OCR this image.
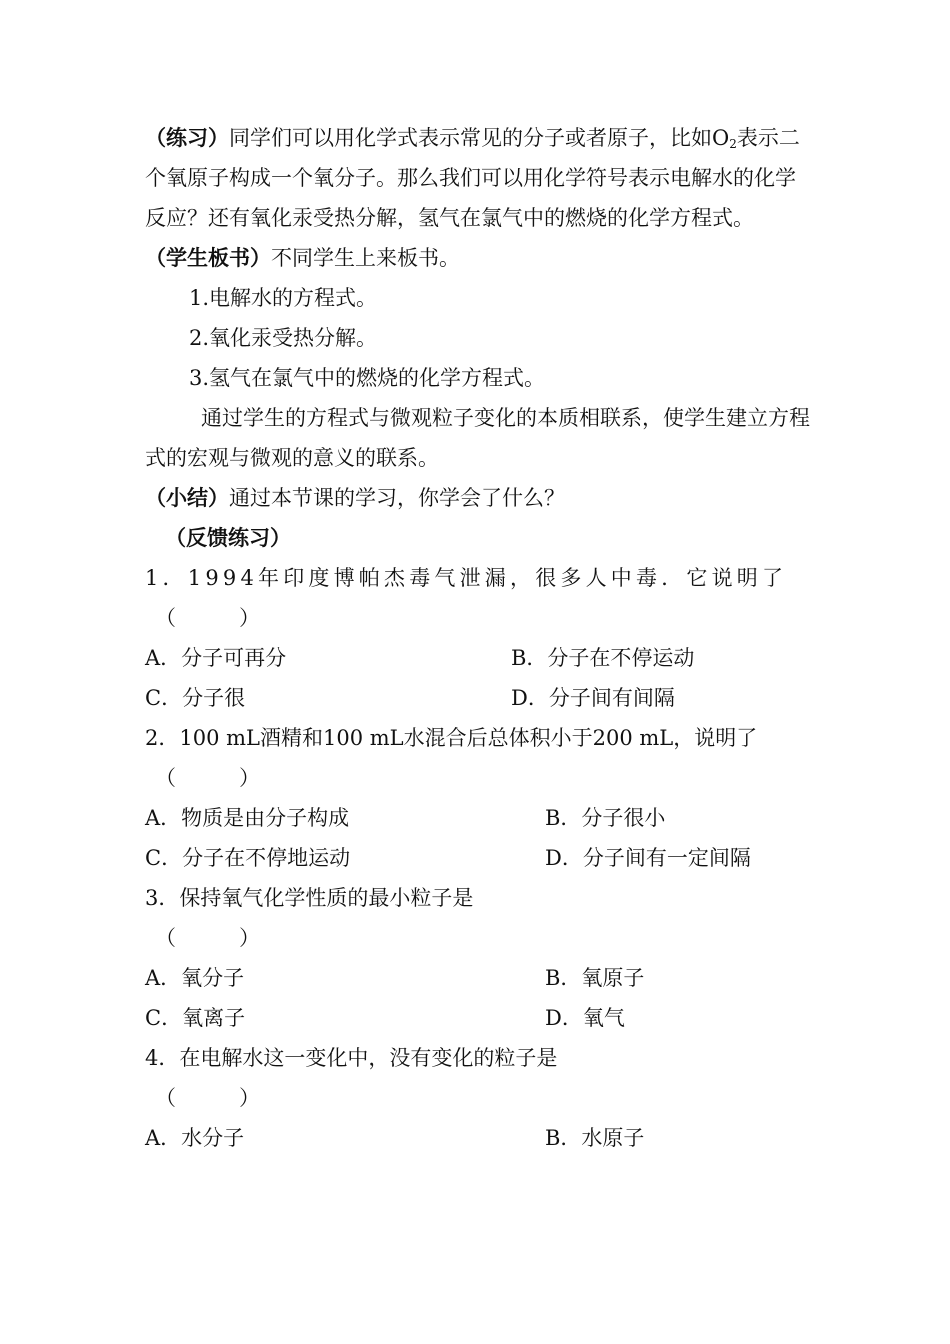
（练习）同学们可以用化学式表示常见的分子或者原子，比如$O_2$表示二个氧原子构成一个氧分子。那么我们可以用化学符号表示电解水的化学反应？还有氧化汞受热分解，氢气在氯气中的燃烧的化学方程式。

（学生板书）不同学生上来板书。

1.电解水的方程式。

2.氧化汞受热分解。

3.氢气在氯气中的燃烧的化学方程式。

通过学生的方程式与微观粒子变化的本质相联系，使学生建立方程式的宏观与微观的意义的联系。

（小结）通过本节课的学习，你学会了什么？

（反馈练习）

1．1994年印度博帕杰毒气泄漏，很多人中毒．它说明了

（　　　）

A．分子可再分	B．分子在不停运动
C．分子很	D．分子间有间隔

2．100 mL酒精和100 mL水混合后总体积小于200 mL，说明了

（　　　）

A．物质是由分子构成	B．分子很小
C．分子在不停地运动	D．分子间有一定间隔

3．保持氧气化学性质的最小粒子是

（　　　）

A．氧分子	B．氧原子
C．氧离子	D．氧气

4．在电解水这一变化中，没有变化的粒子是

（　　　）

A．水分子	B．水原子
